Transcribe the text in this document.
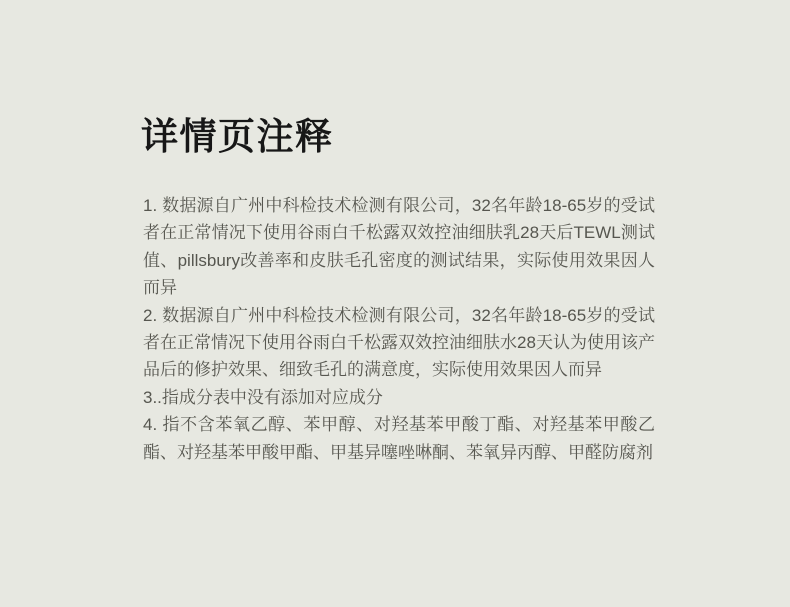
详情页注释

1. 数据源自广州中科检技术检测有限公司，32名年龄18-65岁的受试者在正常情况下使用谷雨白千松露双效控油细肤乳28天后TEWL测试值、pillsbury改善率和皮肤毛孔密度的测试结果，实际使用效果因人而异

2. 数据源自广州中科检技术检测有限公司，32名年龄18-65岁的受试者在正常情况下使用谷雨白千松露双效控油细肤水28天认为使用该产品后的修护效果、细致毛孔的满意度，实际使用效果因人而异

3..指成分表中没有添加对应成分

4. 指不含苯氧乙醇、苯甲醇、对羟基苯甲酸丁酯、对羟基苯甲酸乙酯、对羟基苯甲酸甲酯、甲基异噻唑啉酮、苯氧异丙醇、甲醛防腐剂
